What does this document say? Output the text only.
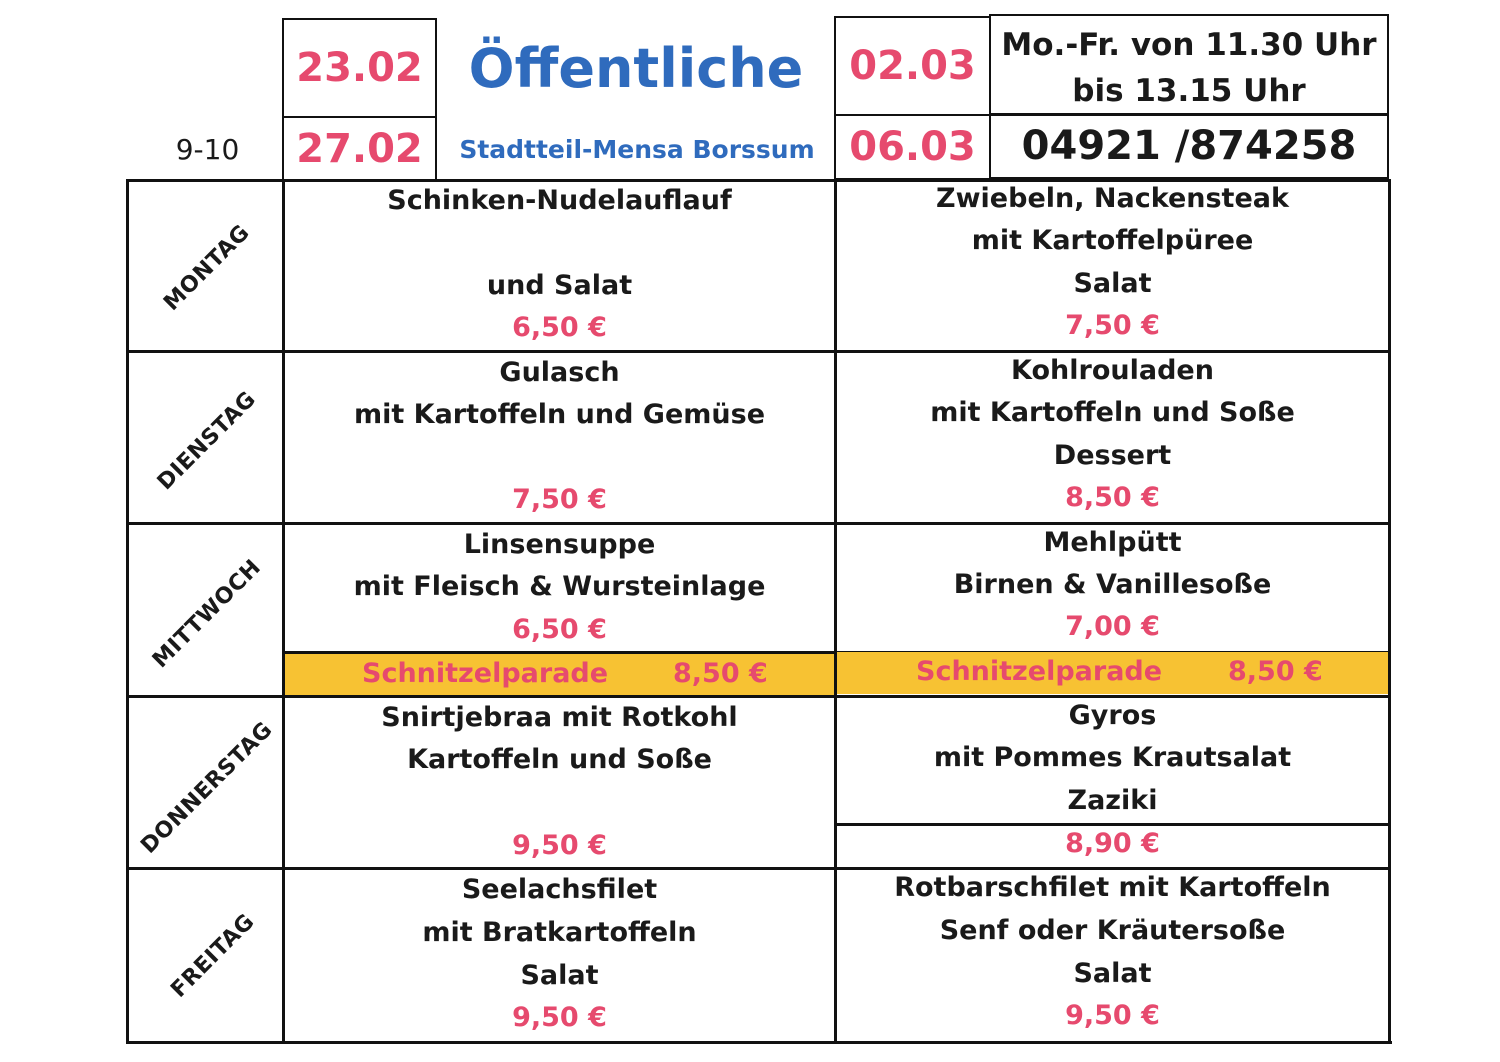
9-10
23.02
27.02
Öffentliche
Stadtteil-Mensa Borssum
02.03
06.03
Mo.-Fr. von 11.30 Uhr
bis 13.15 Uhr
04921 /874258
MONTAG
DIENSTAG
MITTWOCH
DONNERSTAG
FREITAG
Schinken-Nudelauflauf
und Salat
6,50 €
Gulasch
mit Kartoffeln und Gemüse
7,50 €
Linsensuppe
mit Fleisch & Wursteinlage
6,50 €
Schnitzelparade 8,50 €
Snirtjebraa mit Rotkohl
Kartoffeln und Soße
9,50 €
Seelachsfilet
mit Bratkartoffeln
Salat
9,50 €
Zwiebeln, Nackensteak
mit Kartoffelpüree
Salat
7,50 €
Kohlrouladen
mit Kartoffeln und Soße
Dessert
8,50 €
Mehlpütt
Birnen & Vanillesoße
7,00 €
Schnitzelparade 8,50 €
Gyros
mit Pommes Krautsalat
Zaziki
8,90 €
Rotbarschfilet mit Kartoffeln
Senf oder Kräutersoße
Salat
9,50 €
